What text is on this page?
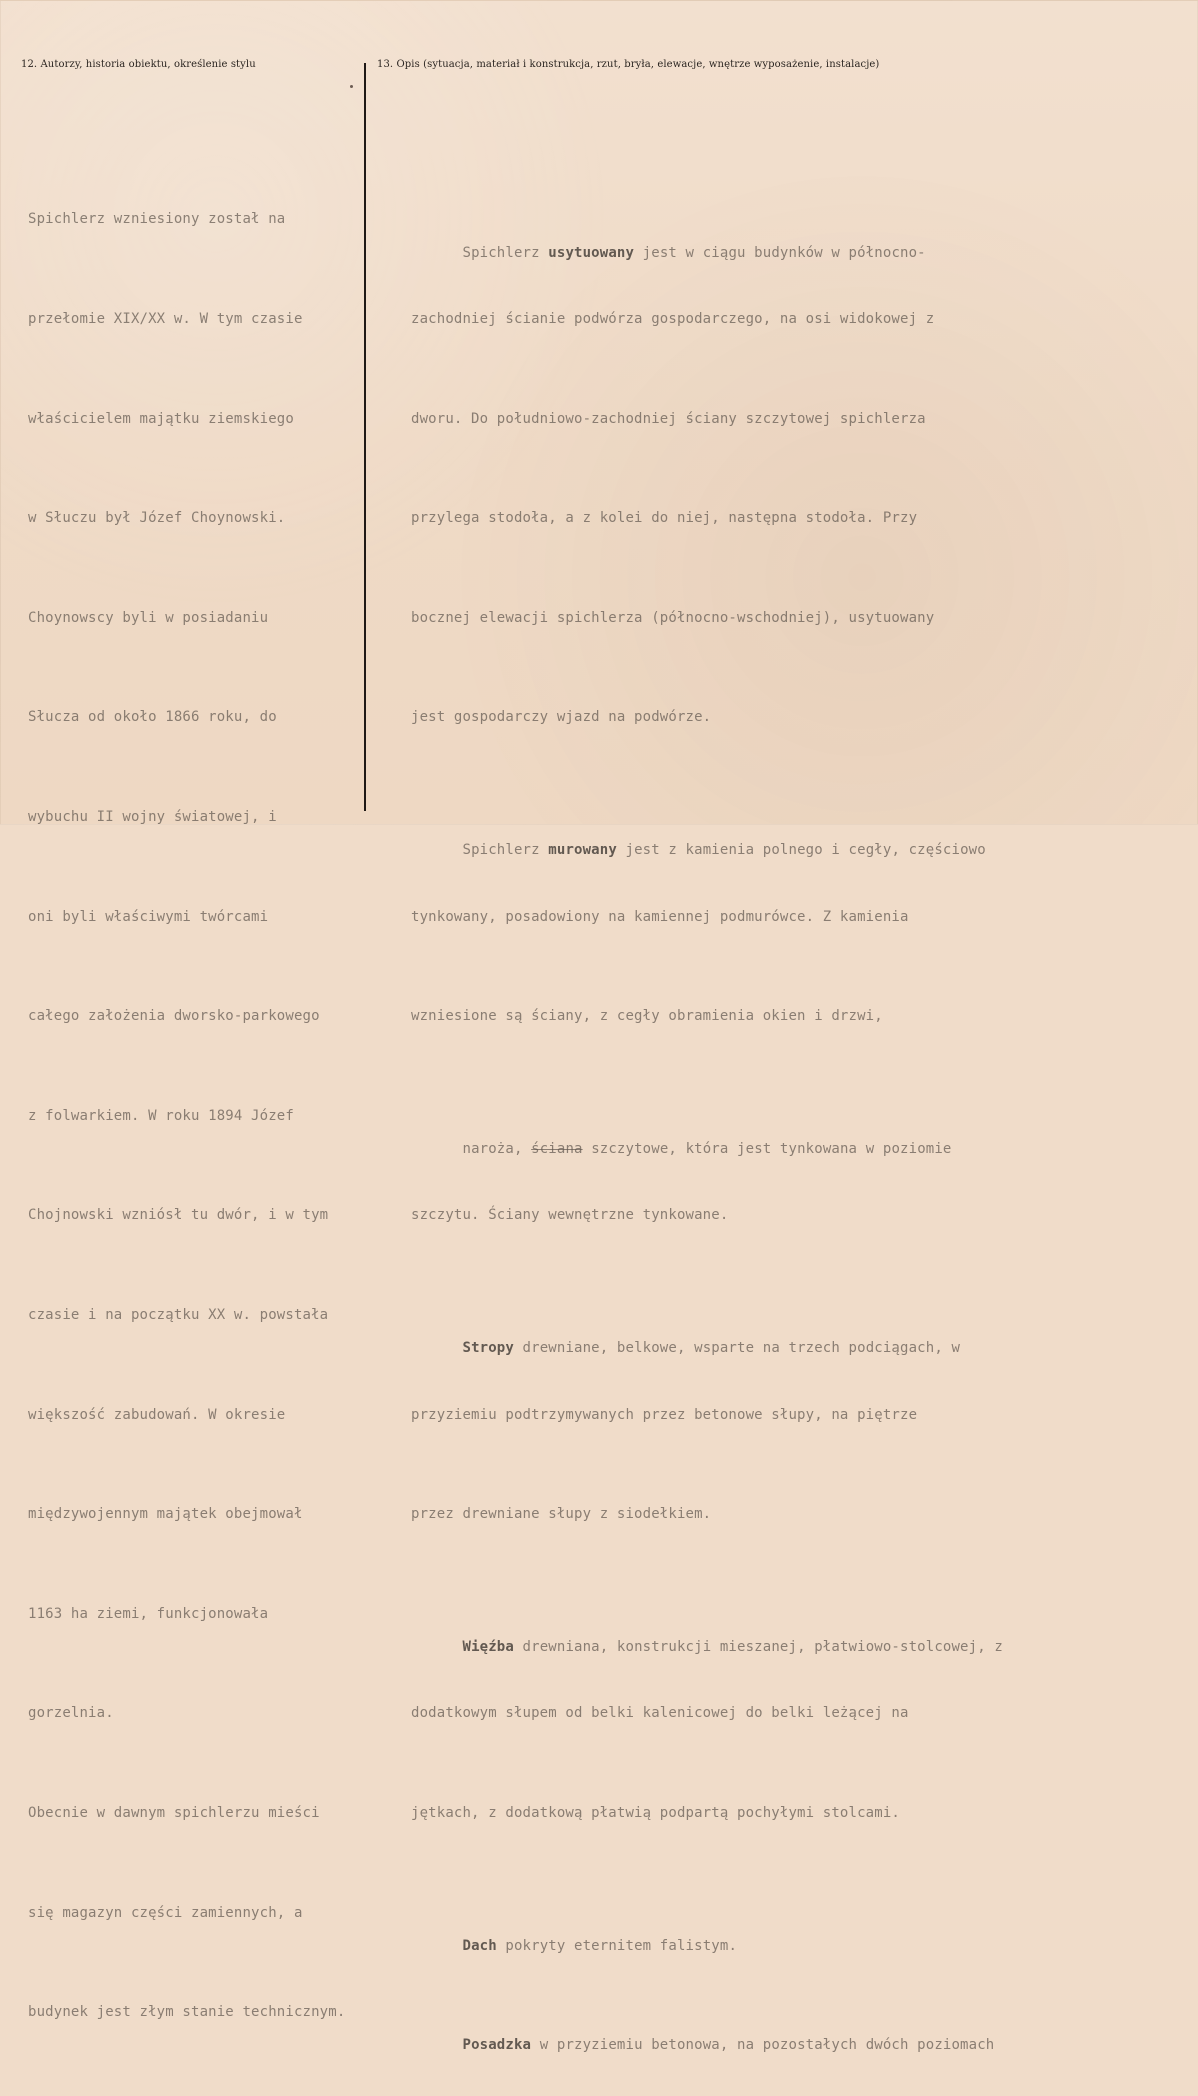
12. Autorzy, historia obiektu, określenie stylu	13. Opis (sytuacja, materiał i konstrukcja, rzut, bryła, elewacje, wnętrze wyposażenie, instalacje)

Spichlerz wzniesiony został na

przełomie XIX/XX w. W tym czasie

właścicielem majątku ziemskiego

w Słuczu był Józef Choynowski.

Choynowscy byli w posiadaniu

Słucza od około 1866 roku, do

wybuchu II wojny światowej, i

oni byli właściwymi twórcami

całego założenia dworsko-parkowego

z folwarkiem. W roku 1894 Józef

Chojnowski wzniósł tu dwór, i w tym

czasie i na początku XX w. powstała

większość zabudowań. W okresie

międzywojennym majątek obejmował

1163 ha ziemi, funkcjonowała

gorzelnia.

Obecnie w dawnym spichlerzu mieści

się magazyn części zamiennych, a

budynek jest złym stanie technicznym.

Spichlerz usytuowany jest w ciągu budynków w północno-

zachodniej ścianie podwórza gospodarczego, na osi widokowej z

dworu. Do południowo-zachodniej ściany szczytowej spichlerza

przylega stodoła, a z kolei do niej, następna stodoła. Przy

bocznej elewacji spichlerza (północno-wschodniej), usytuowany

jest gospodarczy wjazd na podwórze.

Spichlerz murowany jest z kamienia polnego i cegły, częściowo

tynkowany, posadowiony na kamiennej podmurówce. Z kamienia

wzniesione są ściany, z cegły obramienia okien i drzwi,

naroża, ściana szczytowe, która jest tynkowana w poziomie

szczytu. Ściany wewnętrzne tynkowane.

Stropy drewniane, belkowe, wsparte na trzech podciągach, w

przyziemiu podtrzymywanych przez betonowe słupy, na piętrze

przez drewniane słupy z siodełkiem.

Więźba drewniana, konstrukcji mieszanej, płatwiowo-stolcowej, z

dodatkowym słupem od belki kalenicowej do belki leżącej na

jętkach, z dodatkową płatwią podpartą pochyłymi stolcami.

Dach pokryty eternitem falistym.

Posadzka w przyziemiu betonowa, na pozostałych dwóch poziomach
